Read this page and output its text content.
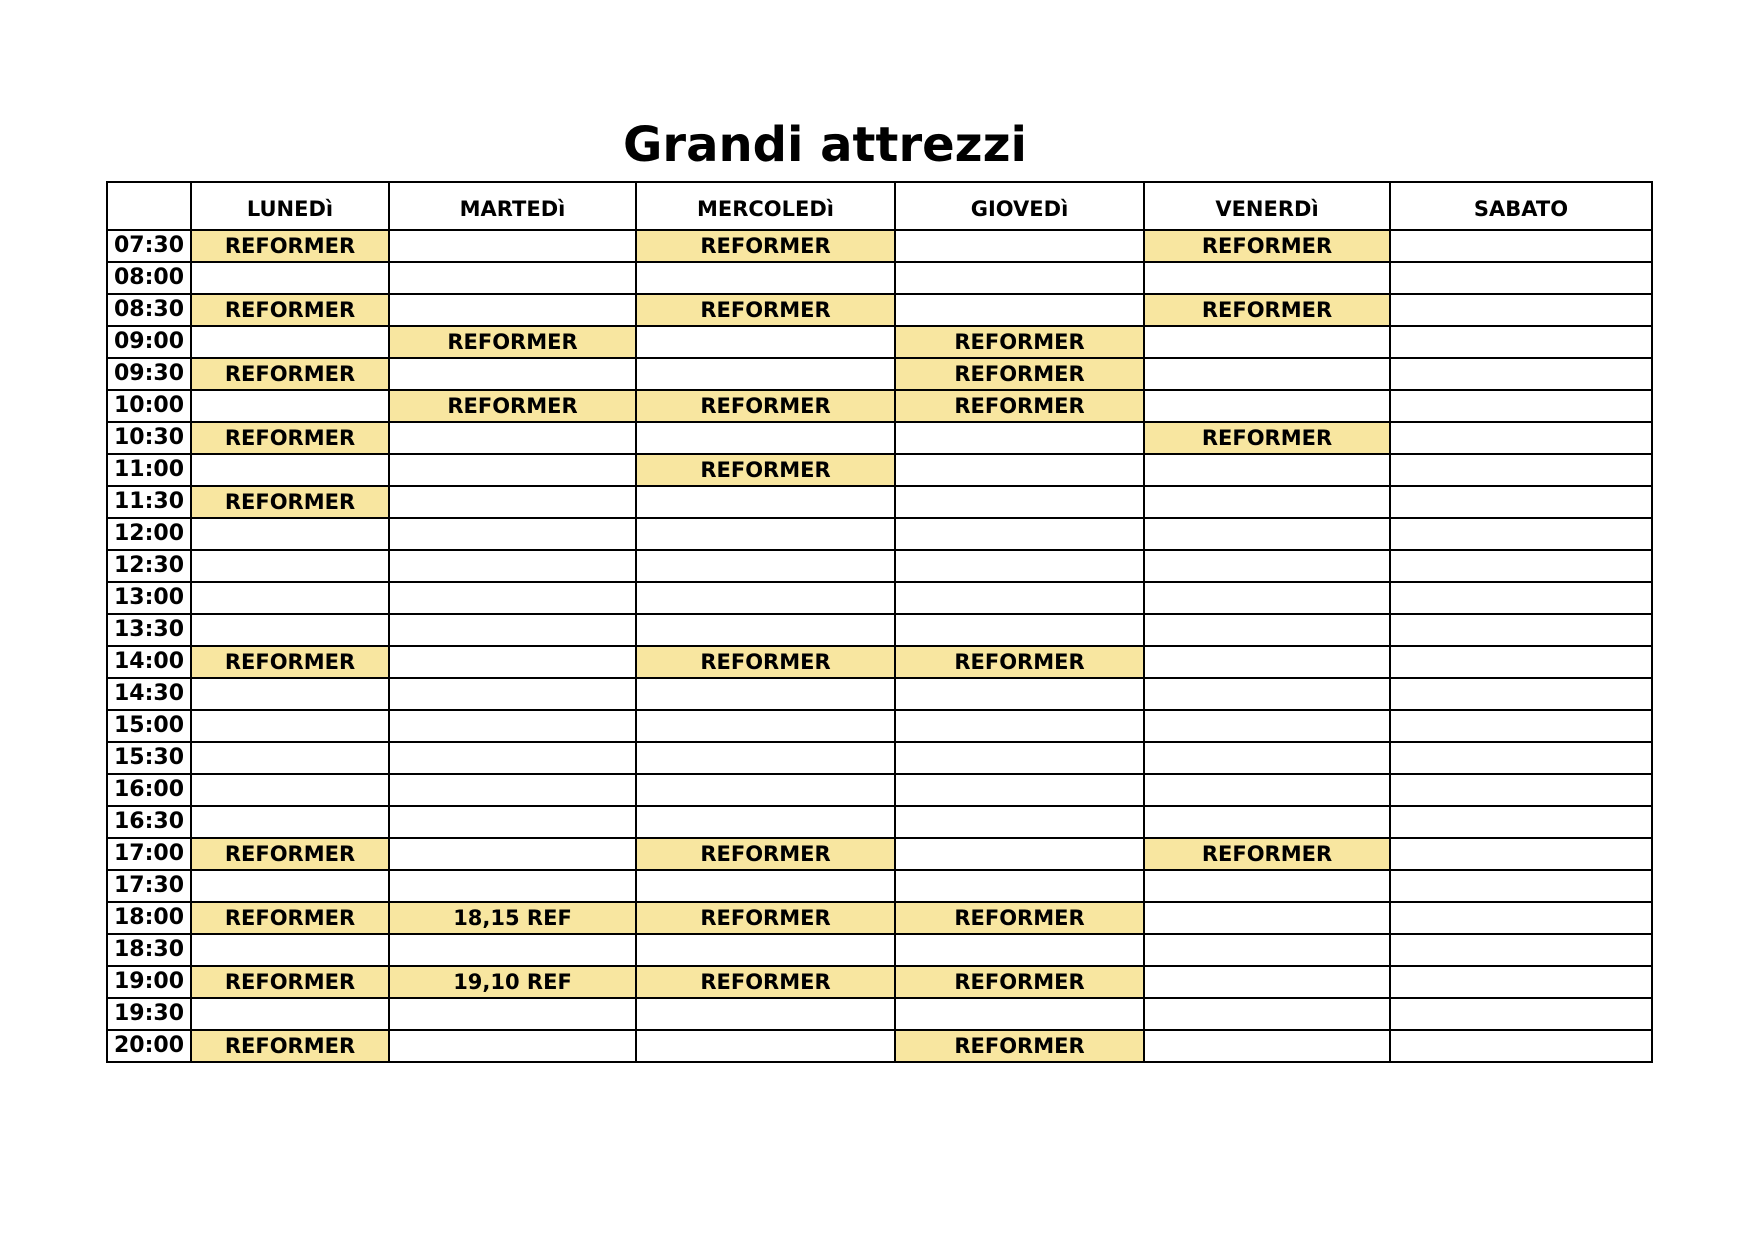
Grandi attrezzi
	LUNEDì	MARTEDì	MERCOLEDì	GIOVEDì	VENERDì	SABATO
07:30	REFORMER		REFORMER		REFORMER	
08:00						
08:30	REFORMER		REFORMER		REFORMER	
09:00		REFORMER		REFORMER		
09:30	REFORMER			REFORMER		
10:00		REFORMER	REFORMER	REFORMER		
10:30	REFORMER				REFORMER	
11:00			REFORMER			
11:30	REFORMER					
12:00						
12:30						
13:00						
13:30						
14:00	REFORMER		REFORMER	REFORMER		
14:30						
15:00						
15:30						
16:00						
16:30						
17:00	REFORMER		REFORMER		REFORMER	
17:30						
18:00	REFORMER	18,15 REF	REFORMER	REFORMER		
18:30						
19:00	REFORMER	19,10 REF	REFORMER	REFORMER		
19:30						
20:00	REFORMER			REFORMER		
